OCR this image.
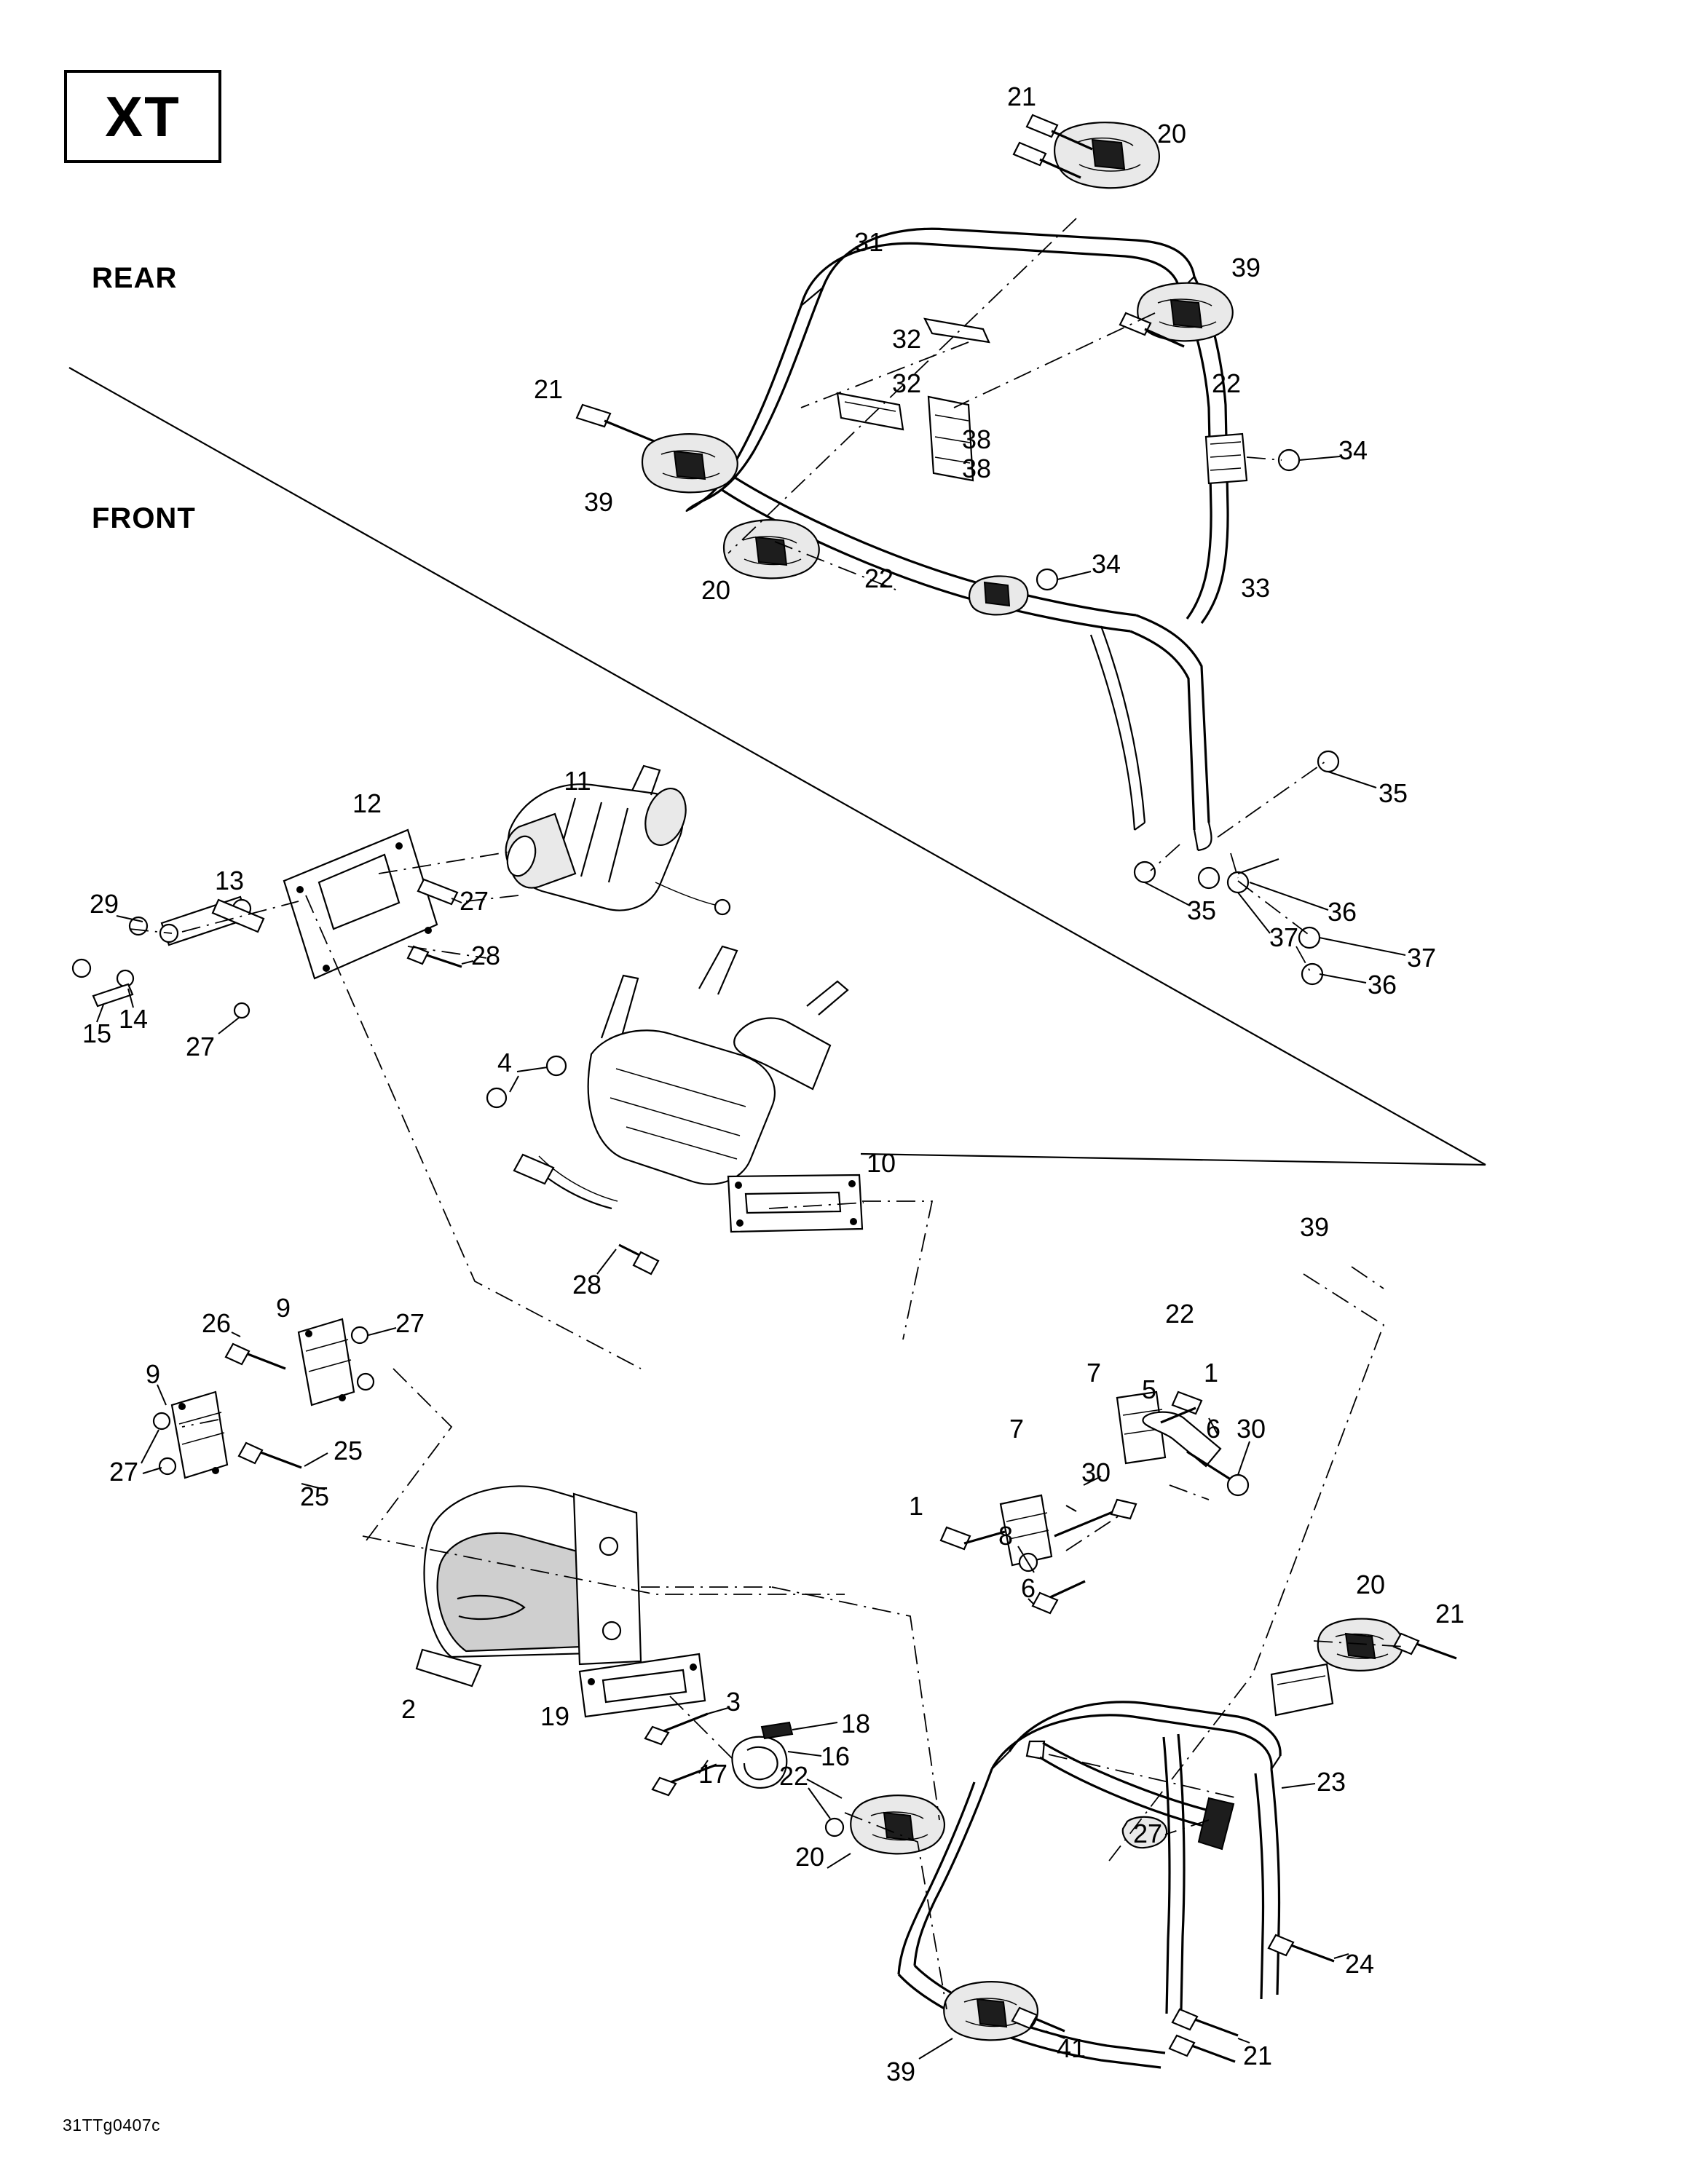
XT
REAR
FRONT
31TTg0407c
21
20
31
39
32
32	22
21
38
38
34
39
34
22
20	33
35
11
12
13
27
29	35	36
28
37
37
36
14
15	27
4
10
28
39
22
9
26	27
7
5
1
9
7	6 30
25
30
27
25	1
8
6	20
21
2	19	3
18
16
23
17 22
27
20
24
21
39
41
